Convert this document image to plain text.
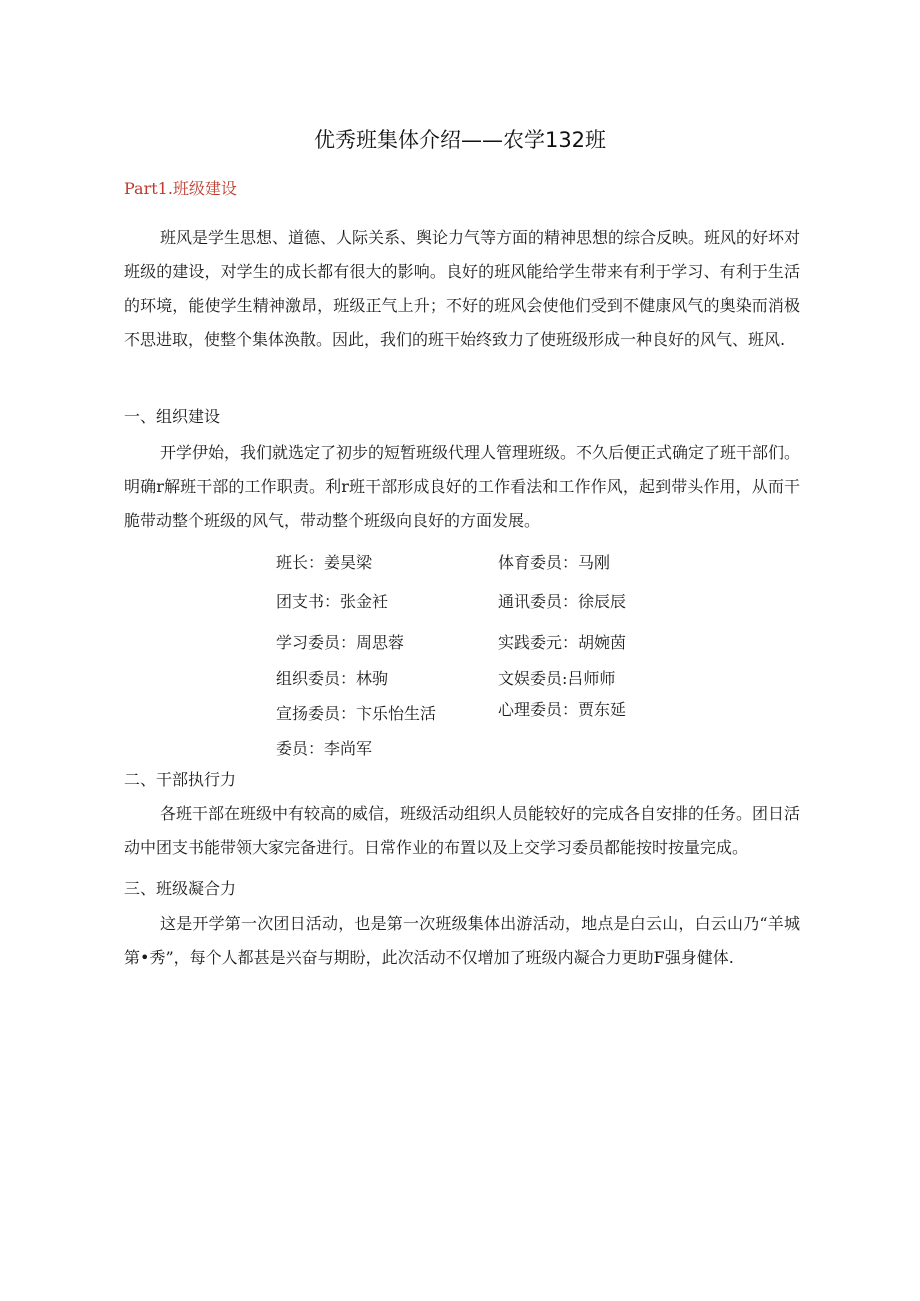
优秀班集体介绍——农学132班
Part1.班级建设

班风是学生思想、道德、人际关系、舆论力气等方面的精神思想的综合反映。班风的好坏对班级的建设，对学生的成长都有很大的影响。良好的班风能给学生带来有利于学习、有利于生活的环境，能使学生精神激昂，班级正气上升；不好的班风会使他们受到不健康风气的奥染而消极不思进取，使整个集体涣散。因此，我们的班干始终致力了使班级形成一种良好的风气、班风.

一、组织建设

开学伊始，我们就选定了初步的短暂班级代理人管理班级。不久后便正式确定了班干部们。明确r解班干部的工作职责。利r班干部形成良好的工作看法和工作作风，起到带头作用，从而干脆带动整个班级的风气，带动整个班级向良好的方面发展。

班长：姜昊梁
团支书：张金衽
学习委员：周思蓉
组织委员：林驹
宣扬委员：卞乐怡生活
委员：李尚军
体育委员：马刚
通讯委员：徐辰辰
实践委元：胡婉茵
文娱委员:吕师师
心理委员：贾东延
二、干部执行力

各班干部在班级中有较高的威信，班级活动组织人员能较好的完成各自安排的任务。团日活动中团支书能带领大家完备进行。日常作业的布置以及上交学习委员都能按时按量完成。

三、班级凝合力

这是开学第一次团日活动，也是第一次班级集体出游活动，地点是白云山，白云山乃“羊城第•秀”，每个人都甚是兴奋与期盼，此次活动不仅增加了班级内凝合力更助F强身健体.
